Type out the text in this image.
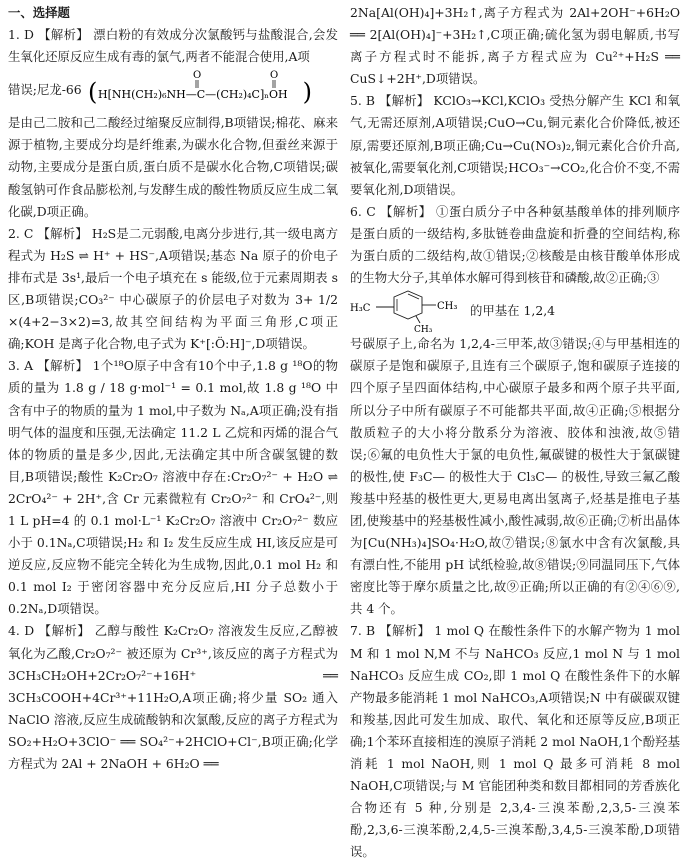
一、选择题

1. D 【解析】 漂白粉的有效成分次氯酸钙与盐酸混合,会发生氧化还原反应生成有毒的氯气,两者不能混合使用,A项

错误;尼龙-66 (	)
H[NH(CH₂)₆NH—C—(CH₂)₄C]ₙOH
O	O

是由己二胺和己二酸经过缩聚反应制得,B项错误;棉花、麻来源于植物,主要成分均是纤维素,为碳水化合物,但蚕丝来源于动物,主要成分是蛋白质,蛋白质不是碳水化合物,C项错误;碳酸氢钠可作食品膨松剂,与发酵生成的酸性物质反应生成二氧化碳,D项正确。

2. C 【解析】 H₂S是二元弱酸,电离分步进行,其一级电离方程式为 H₂S ⇌ H⁺ + HS⁻,A项错误;基态 Na 原子的价电子排布式是 3s¹,最后一个电子填充在 s 能级,位于元素周期表 s 区,B项错误;CO₃²⁻ 中心碳原子的价层电子对数为 3+ 1/2 ×(4+2−3×2)=3,故其空间结构为平面三角形,C项正确;KOH 是离子化合物,电子式为 K⁺[:Ö:H]⁻,D项错误。

3. A 【解析】 1个¹⁸O原子中含有10个中子,1.8 g ¹⁸O的物质的量为 1.8 g / 18 g·mol⁻¹ = 0.1 mol,故 1.8 g ¹⁸O 中含有中子的物质的量为 1 mol,中子数为 Nₐ,A项正确;没有指明气体的温度和压强,无法确定 11.2 L 乙烷和丙烯的混合气体的物质的量是多少,因此,无法确定其中所含碳氢键的数目,B项错误;酸性 K₂Cr₂O₇ 溶液中存在:Cr₂O₇²⁻ + H₂O ⇌ 2CrO₄²⁻ + 2H⁺,含 Cr 元素微粒有 Cr₂O₇²⁻ 和 CrO₄²⁻,则 1 L pH=4 的 0.1 mol·L⁻¹ K₂Cr₂O₇ 溶液中 Cr₂O₇²⁻ 数应小于 0.1Nₐ,C项错误;H₂ 和 I₂ 发生反应生成 HI,该反应是可逆反应,反应物不能完全转化为生成物,因此,0.1 mol H₂ 和 0.1 mol I₂ 于密闭容器中充分反应后,HI 分子总数小于 0.2Nₐ,D项错误。

4. D 【解析】 乙醇与酸性 K₂Cr₂O₇ 溶液发生反应,乙醇被氧化为乙酸,Cr₂O₇²⁻ 被还原为 Cr³⁺,该反应的离子方程式为 3CH₃CH₂OH+2Cr₂O₇²⁻+16H⁺ ══ 3CH₃COOH+4Cr³⁺+11H₂O,A项正确;将少量 SO₂ 通入 NaClO 溶液,反应生成硫酸钠和次氯酸,反应的离子方程式为 SO₂+H₂O+3ClO⁻ ══ SO₄²⁻+2HClO+Cl⁻,B项正确;化学方程式为 2Al + 2NaOH + 6H₂O ══

2Na[Al(OH)₄]+3H₂↑,离子方程式为 2Al+2OH⁻+6H₂O ══ 2[Al(OH)₄]⁻+3H₂↑,C项正确;硫化氢为弱电解质,书写离子方程式时不能拆,离子方程式应为 Cu²⁺+H₂S ══ CuS↓+2H⁺,D项错误。

5. B 【解析】 KClO₃→KCl,KClO₃ 受热分解产生 KCl 和氧气,无需还原剂,A项错误;CuO→Cu,铜元素化合价降低,被还原,需要还原剂,B项正确;Cu→Cu(NO₃)₂,铜元素化合价升高,被氧化,需要氧化剂,C项错误;HCO₃⁻→CO₂,化合价不变,不需要氧化剂,D项错误。

6. C 【解析】 ①蛋白质分子中各种氨基酸单体的排列顺序是蛋白质的一级结构,多肽链卷曲盘旋和折叠的空间结构,称为蛋白质的二级结构,故①错误;②核酸是由核苷酸单体形成的生物大分子,其单体水解可得到核苷和磷酸,故②正确;③

H₃C	CH₃
CH₃
的甲基在 1,2,4

号碳原子上,命名为 1,2,4-三甲苯,故③错误;④与甲基相连的碳原子是饱和碳原子,且连有三个碳原子,饱和碳原子连接的四个原子呈四面体结构,中心碳原子最多和两个原子共平面,所以分子中所有碳原子不可能都共平面,故④正确;⑤根据分散质粒子的大小将分散系分为溶液、胶体和浊液,故⑤错误;⑥氟的电负性大于氯的电负性,氟碳键的极性大于氯碳键的极性,使 F₃C— 的极性大于 Cl₃C— 的极性,导致三氟乙酸羧基中羟基的极性更大,更易电离出氢离子,烃基是推电子基团,使羧基中的羟基极性减小,酸性减弱,故⑥正确;⑦析出晶体为[Cu(NH₃)₄]SO₄·H₂O,故⑦错误;⑧氯水中含有次氯酸,具有漂白性,不能用 pH 试纸检验,故⑧错误;⑨同温同压下,气体密度比等于摩尔质量之比,故⑨正确;所以正确的有②④⑥⑨,共 4 个。

7. B 【解析】 1 mol Q 在酸性条件下的水解产物为 1 mol M 和 1 mol N,M 不与 NaHCO₃ 反应,1 mol N 与 1 mol NaHCO₃ 反应生成 CO₂,即 1 mol Q 在酸性条件下的水解产物最多能消耗 1 mol NaHCO₃,A项错误;N 中有碳碳双键和羧基,因此可发生加成、取代、氧化和还原等反应,B项正确;1个苯环直接相连的溴原子消耗 2 mol NaOH,1个酚羟基消耗 1 mol NaOH,则 1 mol Q 最多可消耗 8 mol NaOH,C项错误;与 M 官能团种类和数目都相同的芳香族化合物还有 5 种,分别是 2,3,4-三溴苯酚,2,3,5-三溴苯酚,2,3,6-三溴苯酚,2,4,5-三溴苯酚,3,4,5-三溴苯酚,D项错误。
